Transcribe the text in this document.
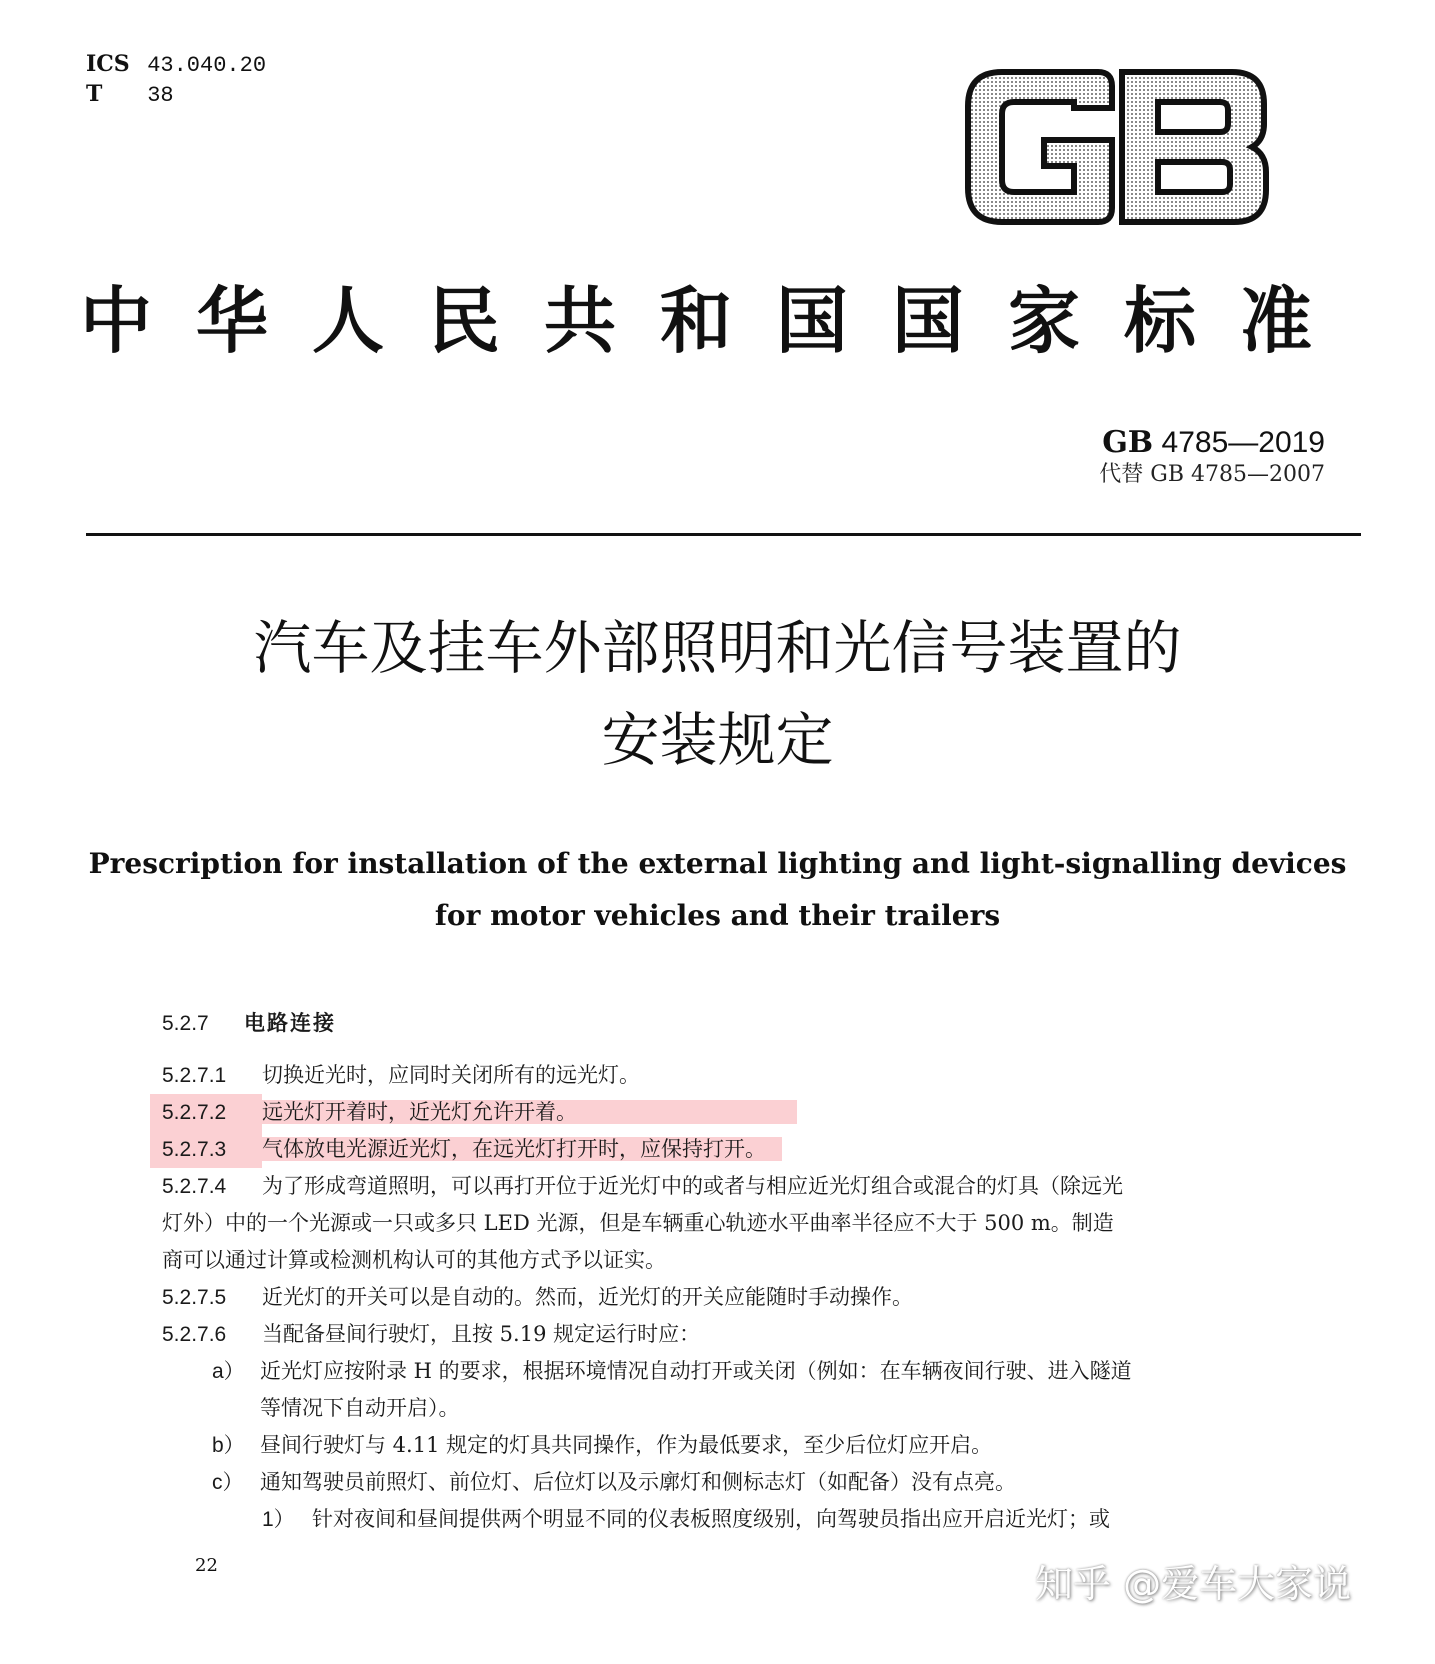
ICS 43.040.20
T 38
中华人民共和国国家标准
GB 4785—2019
代替 GB 4785—2007
汽车及挂车外部照明和光信号装置的
安装规定
Prescription for installation of the external lighting and light-signalling devices
for motor vehicles and their trailers
5.2.7 电路连接
5.2.7.1 切换近光时，应同时关闭所有的远光灯。
5.2.7.2 远光灯开着时，近光灯允许开着。
5.2.7.3 气体放电光源近光灯，在远光灯打开时，应保持打开。
5.2.7.4 为了形成弯道照明，可以再打开位于近光灯中的或者与相应近光灯组合或混合的灯具（除远光
灯外）中的一个光源或一只或多只 LED 光源，但是车辆重心轨迹水平曲率半径应不大于 500 m。制造
商可以通过计算或检测机构认可的其他方式予以证实。
5.2.7.5 近光灯的开关可以是自动的。然而，近光灯的开关应能随时手动操作。
5.2.7.6 当配备昼间行驶灯，且按 5.19 规定运行时应：
a） 近光灯应按附录 H 的要求，根据环境情况自动打开或关闭（例如：在车辆夜间行驶、进入隧道
等情况下自动开启）。
b） 昼间行驶灯与 4.11 规定的灯具共同操作，作为最低要求，至少后位灯应开启。
c） 通知驾驶员前照灯、前位灯、后位灯以及示廓灯和侧标志灯（如配备）没有点亮。
1） 针对夜间和昼间提供两个明显不同的仪表板照度级别，向驾驶员指出应开启近光灯；或
22	知乎 @爱车大家说
